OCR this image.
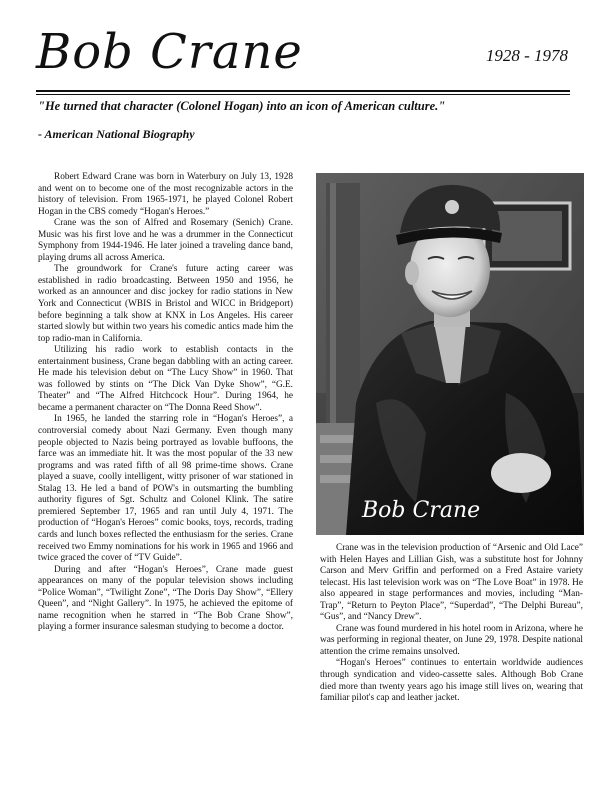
Bob Crane	1928 - 1978
"He turned that character (Colonel Hogan) into an icon of American culture."
- American National Biography

Robert Edward Crane was born in Waterbury on July 13, 1928 and went on to become one of the most recognizable actors in the history of television. From 1965-1971, he played Colonel Robert Hogan in the CBS comedy “Hogan's Heroes.”

Crane was the son of Alfred and Rosemary (Senich) Crane. Music was his first love and he was a drummer in the Connecticut Symphony from 1944-1946. He later joined a traveling dance band, playing drums all across America.

The groundwork for Crane's future acting career was established in radio broadcasting. Between 1950 and 1956, he worked as an announcer and disc jockey for radio stations in New York and Connecticut (WBIS in Bristol and WICC in Bridgeport) before beginning a talk show at KNX in Los Angeles. His career started slowly but within two years his comedic antics made him the top radio-man in California.

Utilizing his radio work to establish contacts in the entertainment business, Crane began dabbling with an acting career. He made his television debut on “The Lucy Show” in 1960. That was followed by stints on “The Dick Van Dyke Show”, “G.E. Theater” and “The Alfred Hitchcock Hour”. During 1964, he became a permanent character on “The Donna Reed Show”.

In 1965, he landed the starring role in “Hogan's Heroes”, a controversial comedy about Nazi Germany. Even though many people objected to Nazis being portrayed as lovable buffoons, the farce was an immediate hit. It was the most popular of the 33 new programs and was rated fifth of all 98 prime-time shows. Crane played a suave, coolly intelligent, witty prisoner of war stationed in Stalag 13. He led a band of POW's in outsmarting the bumbling authority figures of Sgt. Schultz and Colonel Klink. The satire premiered September 17, 1965 and ran until July 4, 1971. The production of “Hogan's Heroes” comic books, toys, records, trading cards and lunch boxes reflected the enthusiasm for the series. Crane received two Emmy nominations for his work in 1965 and 1966 and twice graced the cover of “TV Guide”.

During and after “Hogan's Heroes”, Crane made guest appearances on many of the popular television shows including “Police Woman”, “Twilight Zone”, “The Doris Day Show”, “Ellery Queen”, and “Night Gallery”. In 1975, he achieved the epitome of name recognition when he starred in “The Bob Crane Show”, playing a former insurance salesman studying to become a doctor.

Bob Crane

Crane was in the television production of “Arsenic and Old Lace” with Helen Hayes and Lillian Gish, was a substitute host for Johnny Carson and Merv Griffin and performed on a Fred Astaire variety telecast. His last television work was on “The Love Boat” in 1978. He also appeared in stage performances and movies, including “Man-Trap”, “Return to Peyton Place”, “Superdad”, “The Delphi Bureau”, “Gus”, and “Nancy Drew”.

Crane was found murdered in his hotel room in Arizona, where he was performing in regional theater, on June 29, 1978. Despite national attention the crime remains unsolved.

“Hogan's Heroes” continues to entertain worldwide audiences through syndication and video-cassette sales. Although Bob Crane died more than twenty years ago his image still lives on, wearing that familiar pilot's cap and leather jacket.
